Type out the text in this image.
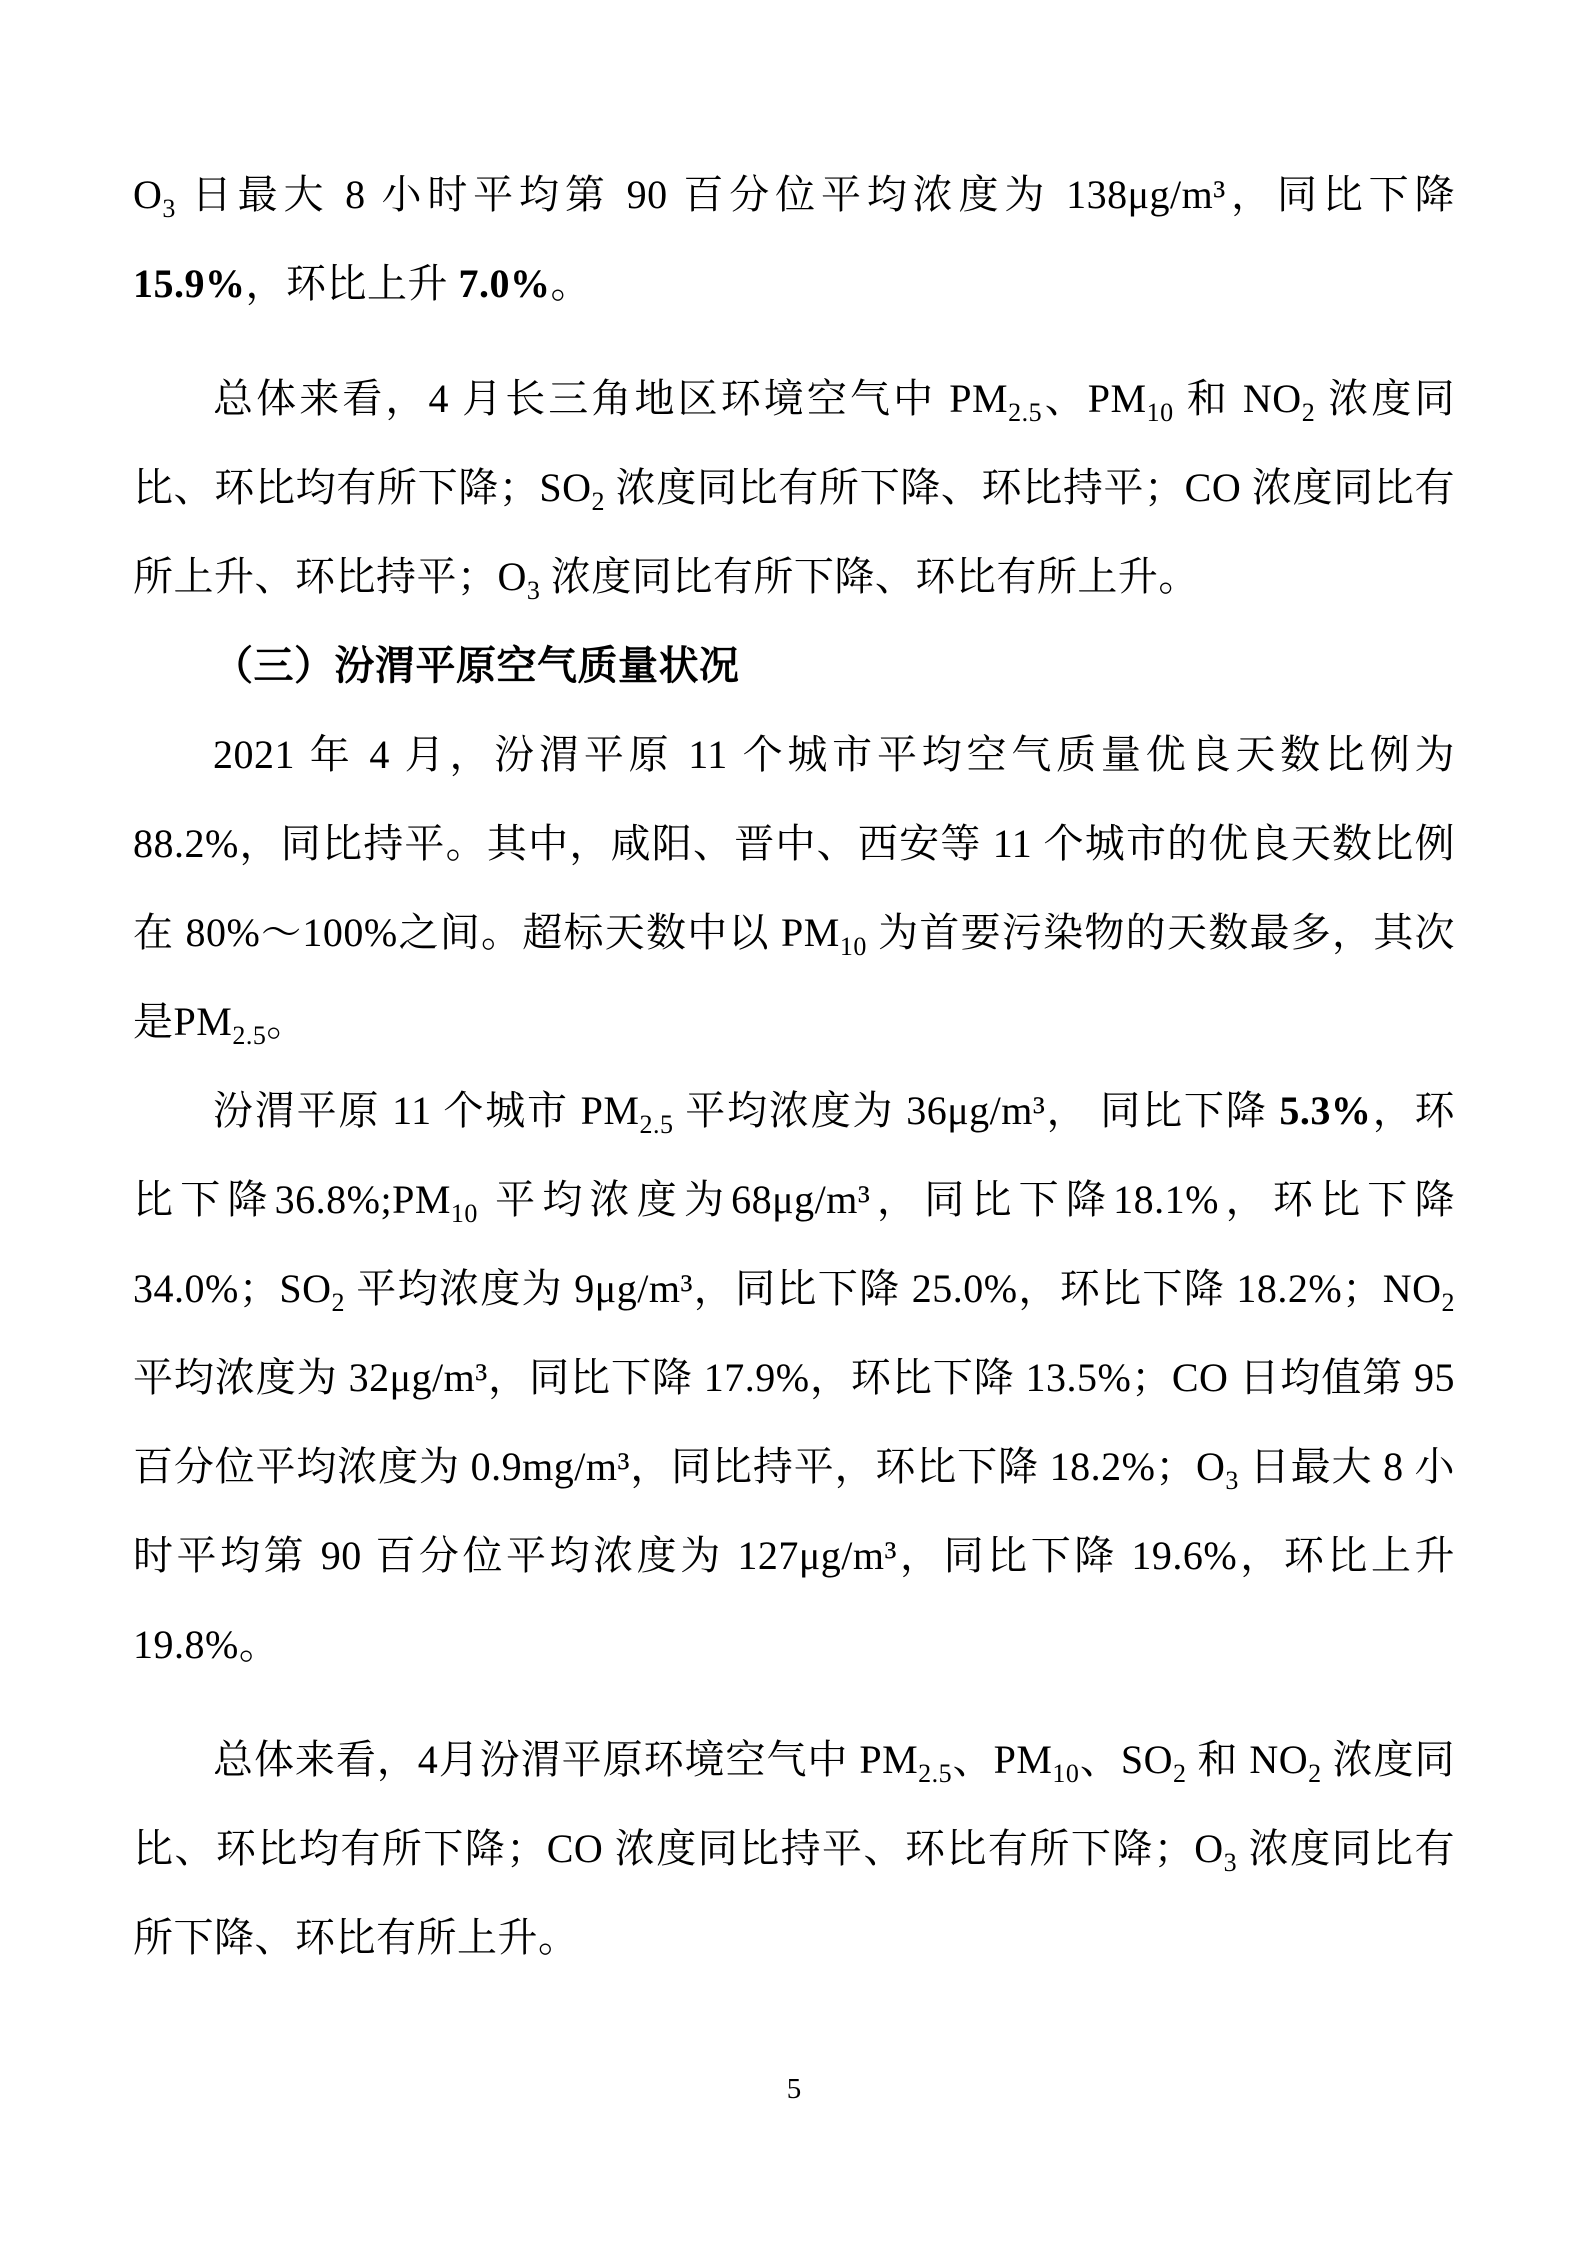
$O_3$ 日最大 8 小时平均第 90 百分位平均浓度为 138μg/m³，同比下降 15.9%，环比上升 7.0%。

总体来看，4 月长三角地区环境空气中 $PM_{2.5}$、$PM_{10}$ 和 $NO_2$ 浓度同比、环比均有所下降；$SO_2$ 浓度同比有所下降、环比持平；CO 浓度同比有所上升、环比持平；$O_3$ 浓度同比有所下降、环比有所上升。

（三）汾渭平原空气质量状况

2021 年 4 月，汾渭平原 11 个城市平均空气质量优良天数比例为 88.2%，同比持平。其中，咸阳、晋中、西安等 11 个城市的优良天数比例在 80%～100%之间。超标天数中以 $PM_{10}$ 为首要污染物的天数最多，其次是$PM_{2.5}$。

汾渭平原 11 个城市 $PM_{2.5}$ 平均浓度为 36μg/m³， 同比下降 5.3%，环比下降$36.8\%;PM_{10}$ 平均浓度为68μg/m³，同比下降18.1%，环比下降 34.0%；$SO_2$ 平均浓度为 9μg/m³，同比下降 25.0%，环比下降 18.2%；$NO_2$ 平均浓度为 32μg/m³，同比下降 17.9%，环比下降 13.5%；CO 日均值第 95 百分位平均浓度为 0.9mg/m³，同比持平，环比下降 18.2%；$O_3$ 日最大 8 小时平均第 90 百分位平均浓度为 127μg/m³，同比下降 19.6%，环比上升 19.8%。

总体来看，4月汾渭平原环境空气中 $PM_{2.5}$、$PM_{10}$、$SO_2$ 和 $NO_2$ 浓度同比、环比均有所下降；CO 浓度同比持平、环比有所下降；$O_3$ 浓度同比有所下降、环比有所上升。

5
